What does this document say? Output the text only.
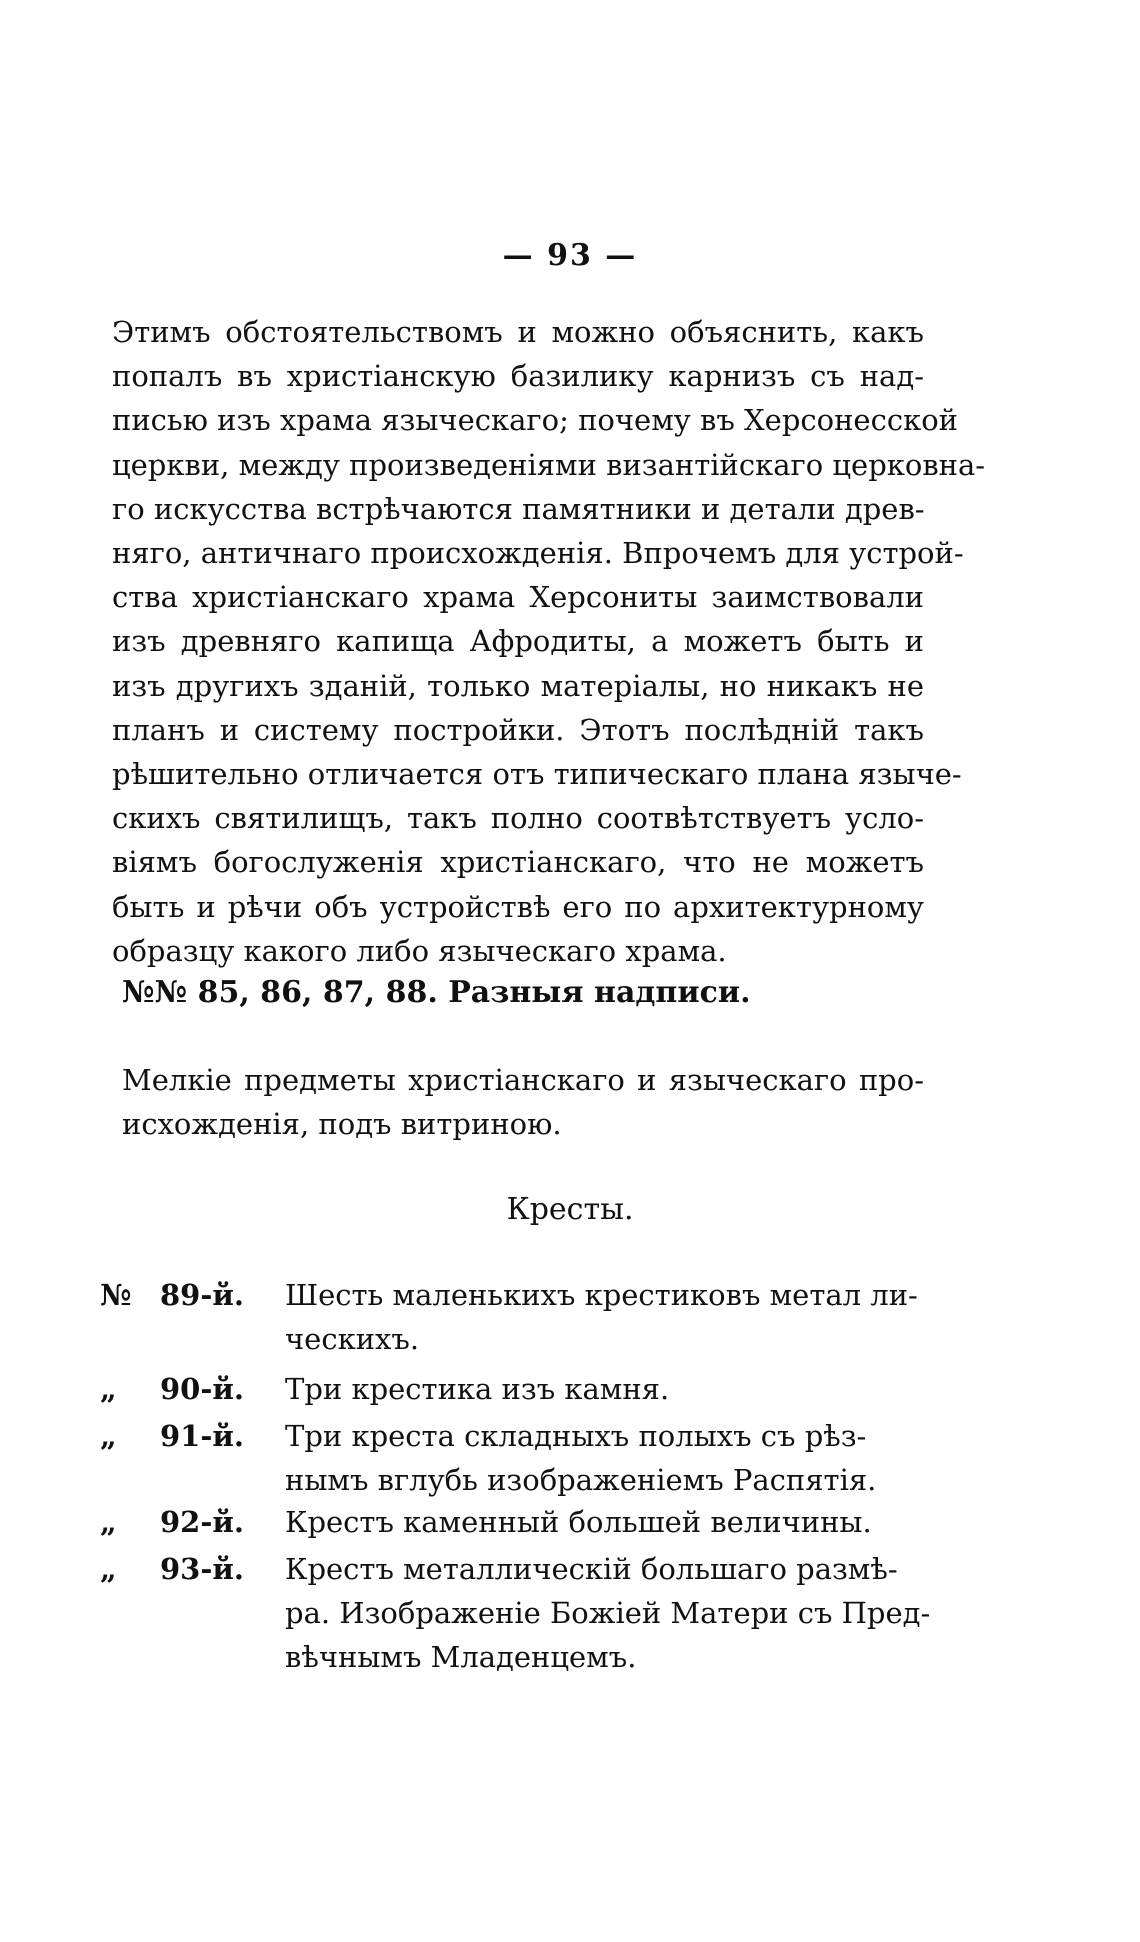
— 93 —
Этимъ обстоятельствомъ и можно объяснить, какъ
попалъ въ христіанскую базилику карнизъ съ над-
писью изъ храма языческаго; почему въ Херсонесской
церкви, между произведеніями византійскаго церковна-
го искусства встрѣчаются памятники и детали древ-
няго, античнаго происхожденія. Впрочемъ для устрой-
ства христіанскаго храма Херсониты заимствовали
изъ древняго капища Афродиты, а можетъ быть и
изъ другихъ зданій, только матеріалы, но никакъ не
планъ и систему постройки. Этотъ послѣдній такъ
рѣшительно отличается отъ типическаго плана языче-
скихъ святилищъ, такъ полно соотвѣтствуетъ усло-
віямъ богослуженія христіанскаго, что не можетъ
быть и рѣчи объ устройствѣ его по архитектурному
образцу какого либо языческаго храма.

№№ 85, 86, 87, 88. Разныя надписи.

Мелкіе предметы христіанскаго и языческаго про-
исхожденія, подъ витриною.

Кресты.

№ 89-й.	Шесть маленькихъ крестиковъ метал ли-
ческихъ.
„ 90-й.	Три крестика изъ камня.
„ 91-й.	Три креста складныхъ полыхъ съ рѣз-
нымъ вглубь изображеніемъ Распятія.
„ 92-й.	Крестъ каменный большей величины.
„ 93-й.	Крестъ металлическій большаго размѣ-
ра. Изображеніе Божіей Матери съ Пред-
вѣчнымъ Младенцемъ.
